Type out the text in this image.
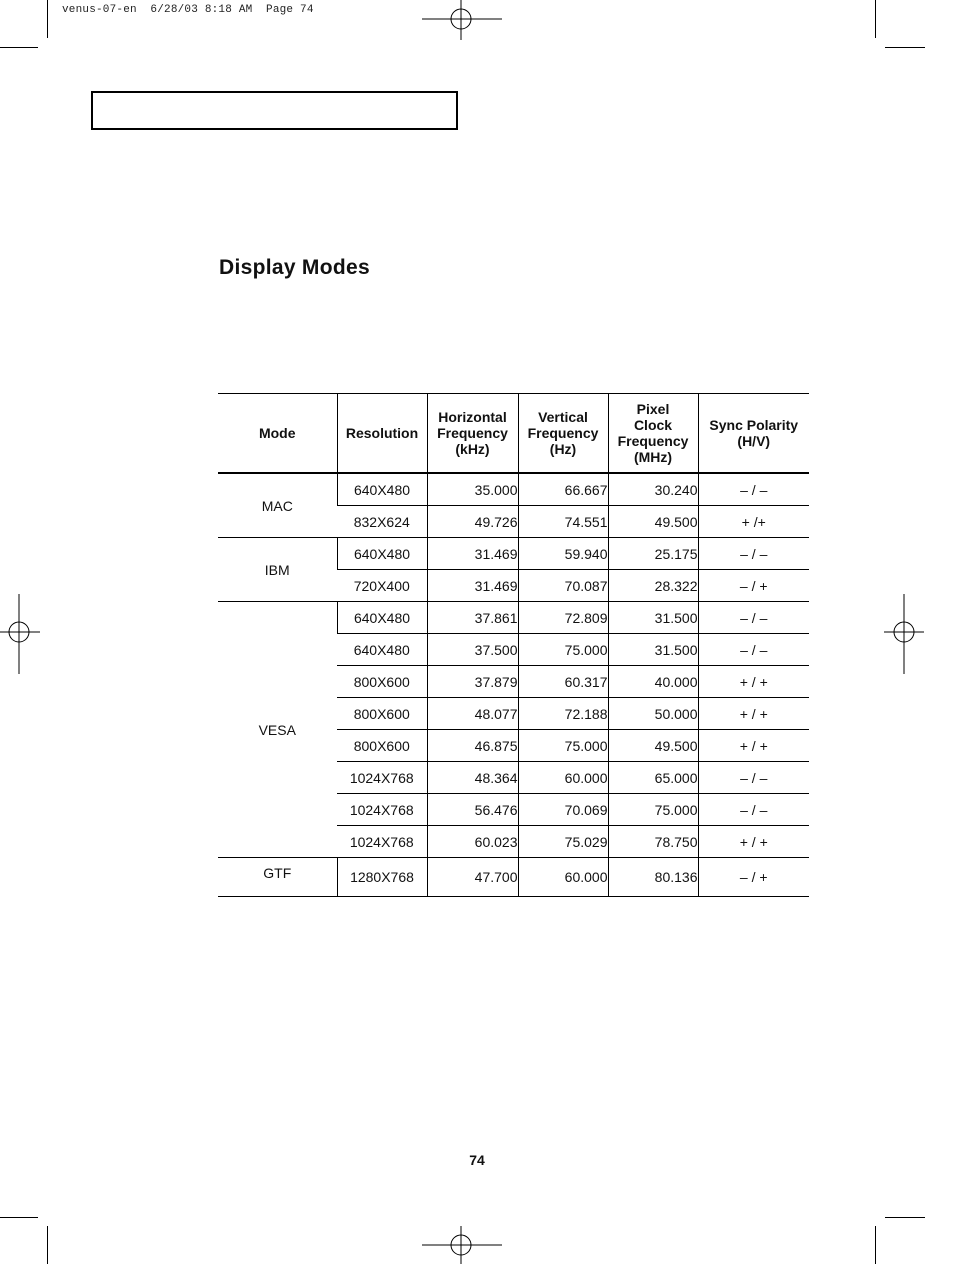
venus-07-en  6/28/03 8:18 AM  Page 74
Display Modes
Mode	Resolution	Horizontal
Frequency
(kHz)	Vertical
Frequency
(Hz)	Pixel
Clock
Frequency
(MHz)	Sync Polarity
(H/V)
MAC	640X480	35.000	66.667	30.240	– / –
	832X624	49.726	74.551	49.500	+ /+
IBM	640X480	31.469	59.940	25.175	– / –
	720X400	31.469	70.087	28.322	– / +
VESA	640X480	37.861	72.809	31.500	– / –
	640X480	37.500	75.000	31.500	– / –
	800X600	37.879	60.317	40.000	+ / +
	800X600	48.077	72.188	50.000	+ / +
	800X600	46.875	75.000	49.500	+ / +
	1024X768	48.364	60.000	65.000	– / –
	1024X768	56.476	70.069	75.000	– / –
	1024X768	60.023	75.029	78.750	+ / +
GTF	1280X768	47.700	60.000	80.136	– / +
74
